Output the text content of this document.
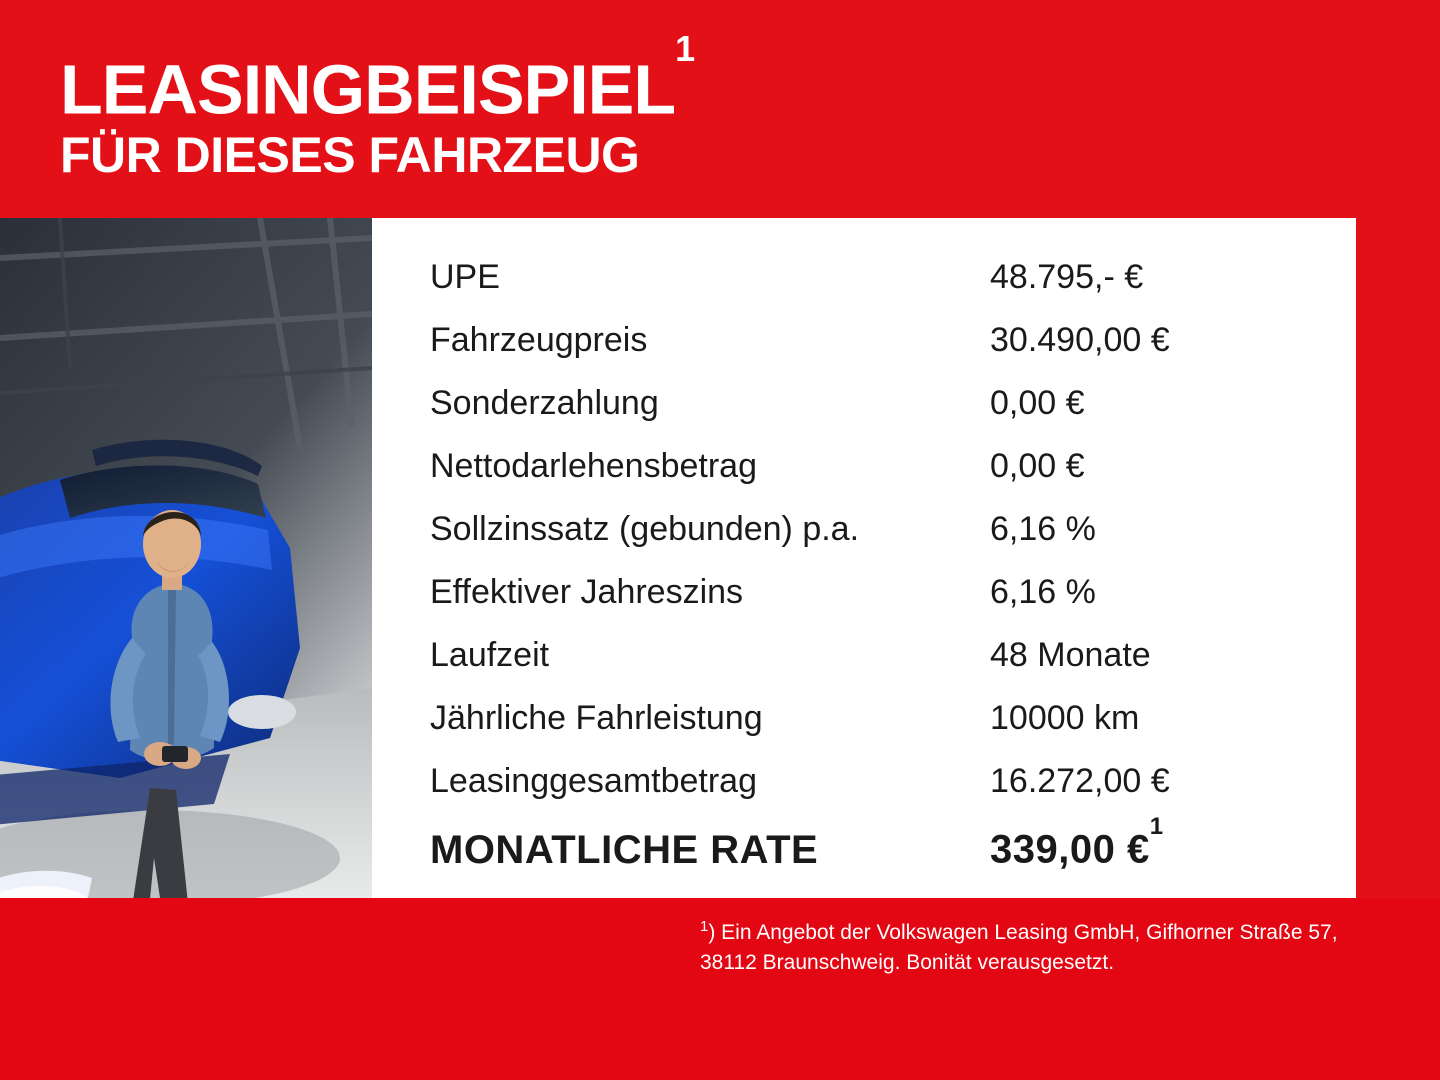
LEASINGBEISPIEL$^1$
FÜR DIESES FAHRZEUG
UPE	48.795,- €
Fahrzeugpreis	30.490,00 €
Sonderzahlung	0,00 €
Nettodarlehensbetrag	0,00 €
Sollzinssatz (gebunden) p.a.	6,16 %
Effektiver Jahreszins	6,16 %
Laufzeit	48 Monate
Jährliche Fahrleistung	10000 km
Leasinggesamtbetrag	16.272,00 €
MONATLICHE RATE	339,00 €$^1$
$^1$) Ein Angebot der Volkswagen Leasing GmbH, Gifhorner Straße 57, 38112 Braunschweig. Bonität verausgesetzt.
